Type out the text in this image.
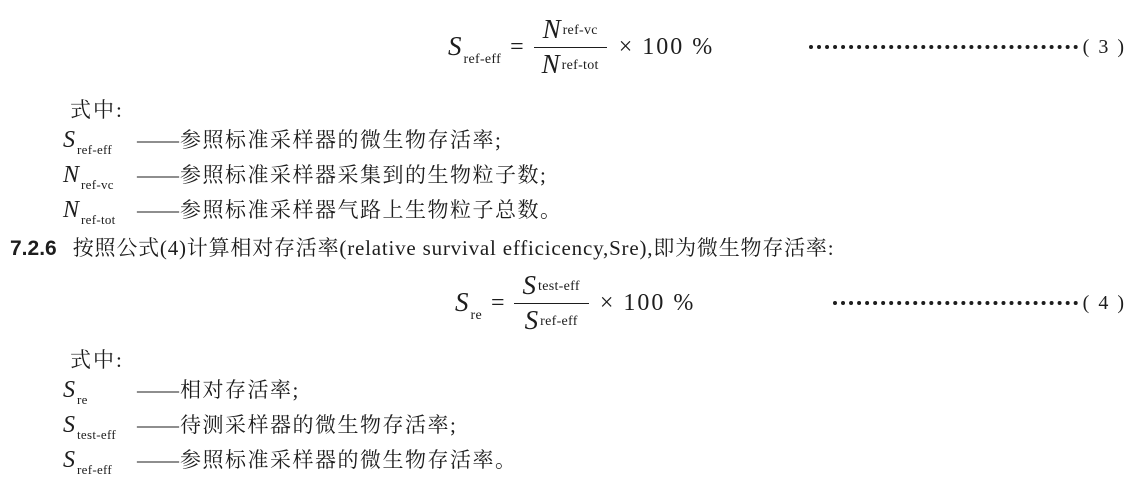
S $_{ref-eff} = \frac{\text{N ref-vc}}{\text{N ref-tot}} \times 100$ %	( 3 )
式中:
S $_{ref-eff}$	—— 参照标准采样器的微生物存活率;
N $_{ref-vc}$	—— 参照标准采样器采集到的生物粒子数;
N $_{ref-tot}$	—— 参照标准采样器气路上生物粒子总数。
7.2.6 按照公式(4)计算相对存活率(relative survival efficicency,Sre),即为微生物存活率:
S $_{re} = \frac{\text{S test-eff}}{\text{S ref-eff}} \times 100$ %	( 4 )
式中:
S $_{re}$	—— 相对存活率;
S $_{test-eff}$	—— 待测采样器的微生物存活率;
S $_{ref-eff}$	—— 参照标准采样器的微生物存活率。
